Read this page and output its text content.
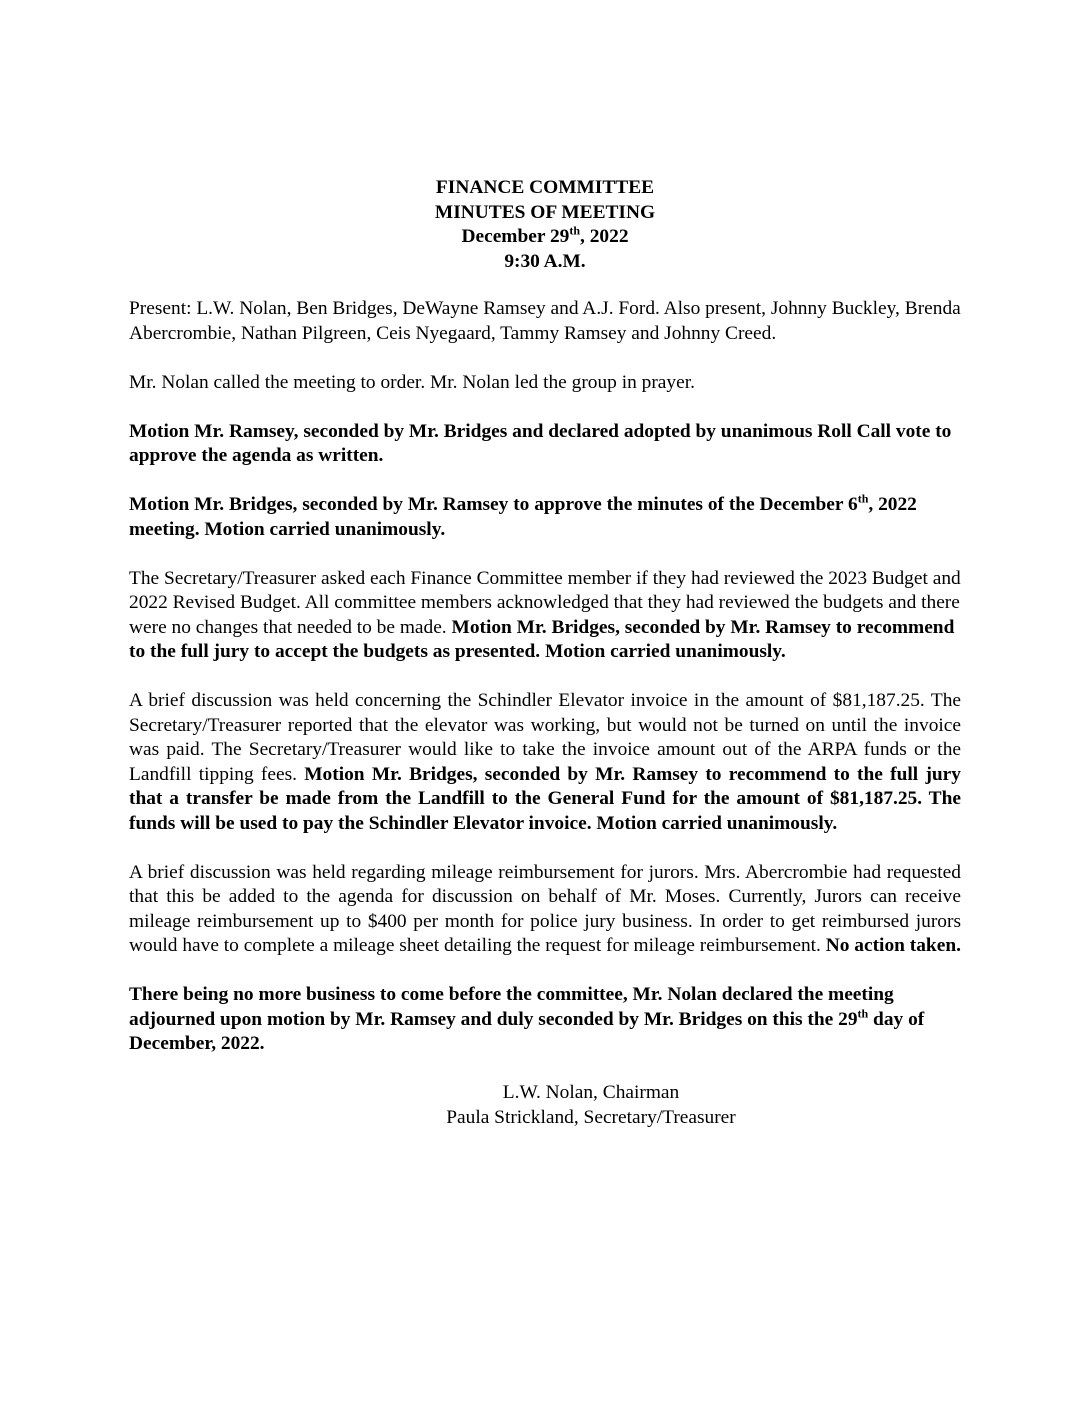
FINANCE COMMITTEE
MINUTES OF MEETING
December 29th, 2022
9:30 A.M.

Present: L.W. Nolan, Ben Bridges, DeWayne Ramsey and A.J. Ford. Also present, Johnny Buckley, Brenda Abercrombie, Nathan Pilgreen, Ceis Nyegaard, Tammy Ramsey and Johnny Creed.

Mr. Nolan called the meeting to order. Mr. Nolan led the group in prayer.

Motion Mr. Ramsey, seconded by Mr. Bridges and declared adopted by unanimous Roll Call vote to approve the agenda as written.

Motion Mr. Bridges, seconded by Mr. Ramsey to approve the minutes of the December 6th, 2022 meeting. Motion carried unanimously.

The Secretary/Treasurer asked each Finance Committee member if they had reviewed the 2023 Budget and 2022 Revised Budget. All committee members acknowledged that they had reviewed the budgets and there were no changes that needed to be made. Motion Mr. Bridges, seconded by Mr. Ramsey to recommend to the full jury to accept the budgets as presented. Motion carried unanimously.

A brief discussion was held concerning the Schindler Elevator invoice in the amount of $81,187.25. The Secretary/Treasurer reported that the elevator was working, but would not be turned on until the invoice was paid. The Secretary/Treasurer would like to take the invoice amount out of the ARPA funds or the Landfill tipping fees. Motion Mr. Bridges, seconded by Mr. Ramsey to recommend to the full jury that a transfer be made from the Landfill to the General Fund for the amount of $81,187.25. The funds will be used to pay the Schindler Elevator invoice. Motion carried unanimously.

A brief discussion was held regarding mileage reimbursement for jurors. Mrs. Abercrombie had requested that this be added to the agenda for discussion on behalf of Mr. Moses. Currently, Jurors can receive mileage reimbursement up to $400 per month for police jury business. In order to get reimbursed jurors would have to complete a mileage sheet detailing the request for mileage reimbursement. No action taken.

There being no more business to come before the committee, Mr. Nolan declared the meeting adjourned upon motion by Mr. Ramsey and duly seconded by Mr. Bridges on this the 29th day of December, 2022.

L.W. Nolan, Chairman
Paula Strickland, Secretary/Treasurer
